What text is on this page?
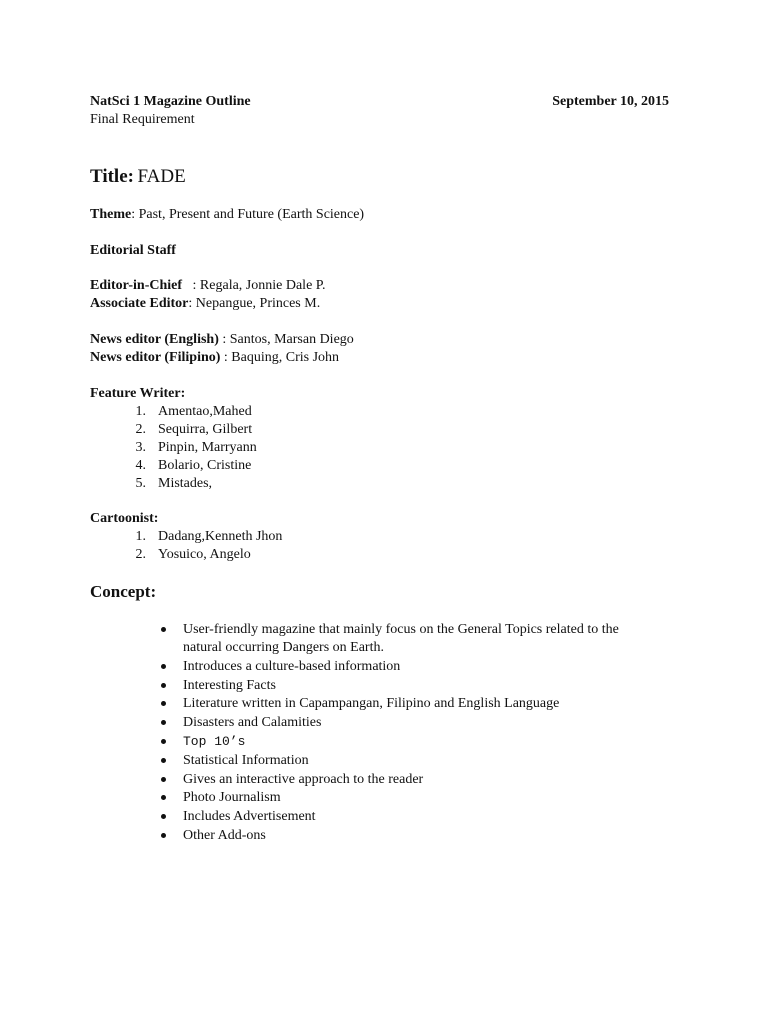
NatSci 1 Magazine Outline	September 10, 2015
Final Requirement
Title: FADE
Theme: Past, Present and Future (Earth Science)
Editorial Staff
Editor-in-Chief   : Regala, Jonnie Dale P.
Associate Editor: Nepangue, Princes M.
News editor (English) : Santos, Marsan Diego
News editor (Filipino) : Baquing, Cris John
Feature Writer:
1. Amentao,Mahed
2. Sequirra, Gilbert
3. Pinpin, Marryann
4. Bolario, Cristine
5. Mistades,
Cartoonist:
1. Dadang,Kenneth Jhon
2. Yosuico, Angelo
Concept:
User-friendly magazine that mainly focus on the General Topics related to the
natural occurring Dangers on Earth.
Introduces a culture-based information
Interesting Facts
Literature written in Capampangan, Filipino and English Language
Disasters and Calamities
Top 10’s
Statistical Information
Gives an interactive approach to the reader
Photo Journalism
Includes Advertisement
Other Add-ons
